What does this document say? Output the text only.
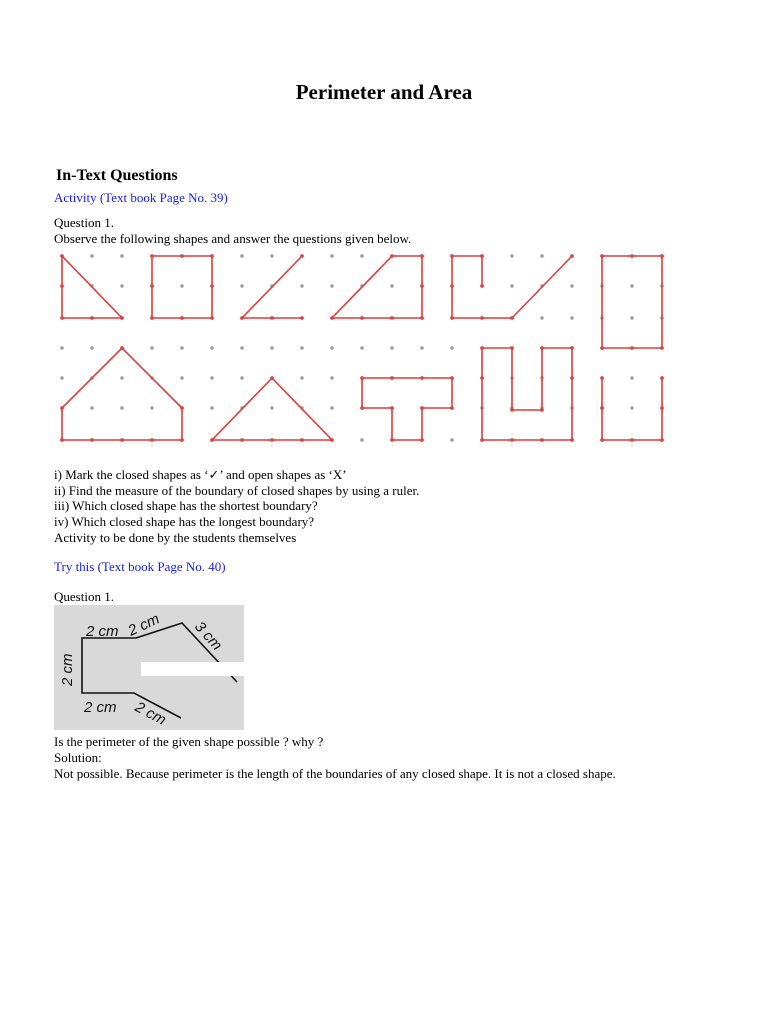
Perimeter and Area
In-Text Questions
Activity (Text book Page No. 39)
Question 1.
Observe the following shapes and answer the questions given below.
i) Mark the closed shapes as ‘✓’ and open shapes as ‘X’
ii) Find the measure of the boundary of closed shapes by using a ruler.
iii) Which closed shape has the shortest boundary?
iv) Which closed shape has the longest boundary?
Activity to be done by the students themselves
Try this (Text book Page No. 40)
Question 1.
2 cm 2 cm 3 cm
2 cm
2 cm 2 cm
Is the perimeter of the given shape possible ? why ?
Solution:
Not possible. Because perimeter is the length of the boundaries of any closed shape. It is not a closed shape.
